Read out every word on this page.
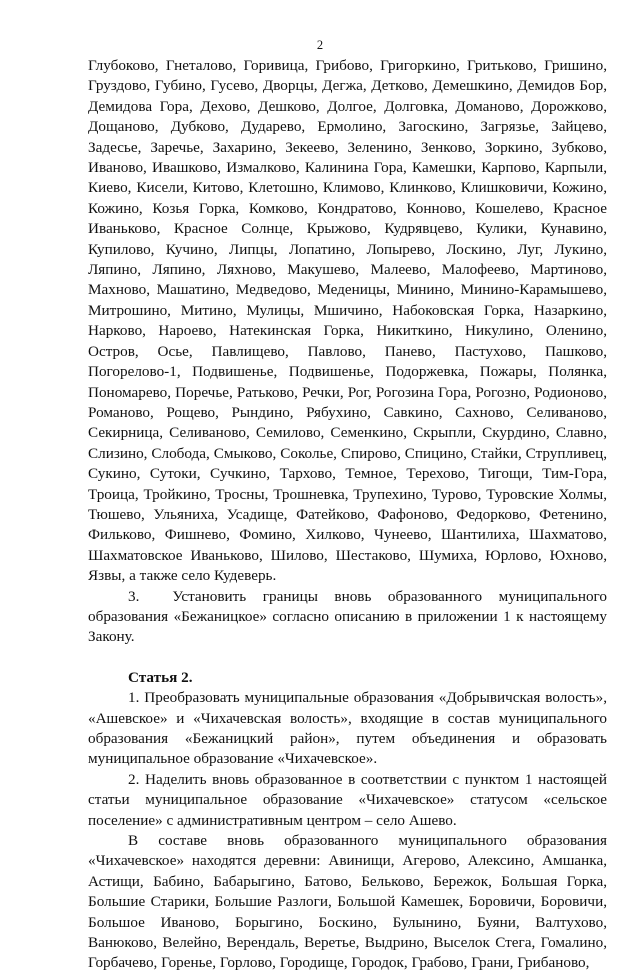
2

Глубоково, Гнеталово, Горивица, Грибово, Григоркино, Гритьково, Гришино, Груздово, Губино, Гусево, Дворцы, Дегжа, Детково, Демешкино, Демидов Бор, Демидова Гора, Дехово, Дешково, Долгое, Долговка, Доманово, Дорожково, Дощаново, Дубково, Дударево, Ермолино, Загоскино, Загрязье, Зайцево, Задесье, Заречье, Захарино, Зекеево, Зеленино, Зенково, Зоркино, Зубково, Иваново, Ивашково, Измалково, Калинина Гора, Камешки, Карпово, Карпыли, Киево, Кисели, Китово, Клетошно, Климово, Клинково, Клишковичи, Кожино, Кожино, Козья Горка, Комково, Кондратово, Конново, Кошелево, Красное Иваньково, Красное Солнце, Крыжово, Кудрявцево, Кулики, Кунавино, Купилово, Кучино, Липцы, Лопатино, Лопырево, Лоскино, Луг, Лукино, Ляпино, Ляпино, Ляхново, Макушево, Малеево, Малофеево, Мартиново, Махново, Машатино, Медведово, Меденицы, Минино, Минино-Карамышево, Митрошино, Митино, Мулицы, Мшичино, Набоковская Горка, Назаркино, Нарково, Нароево, Натекинская Горка, Никиткино, Никулино, Оленино, Остров, Осье, Павлищево, Павлово, Панево, Пастухово, Пашково, Погорелово-1, Подвишенье, Подвишенье, Подоржевка, Пожары, Полянка, Пономарево, Поречье, Ратьково, Речки, Рог, Рогозина Гора, Рогозно, Родионово, Романово, Рощево, Рындино, Рябухино, Савкино, Сахново, Селиваново, Секирница, Селиваново, Семилово, Семенкино, Скрыпли, Скурдино, Славно, Слизино, Слобода, Смыково, Соколье, Спирово, Спицино, Стайки, Струпливец, Сукино, Сутоки, Сучкино, Тархово, Темное, Терехово, Тигощи, Тим-Гора, Троица, Тройкино, Тросны, Трошневка, Трупехино, Турово, Туровские Холмы, Тюшево, Ульяниха, Усадище, Фатейково, Фафоново, Федорково, Фетенино, Фильково, Фишнево, Фомино, Хилково, Чунеево, Шантилиха, Шахматово, Шахматовское Иваньково, Шилово, Шестаково, Шумиха, Юрлово, Юхново, Язвы, а также село Кудеверь.

3.  Установить границы вновь образованного муниципального образования «Бежаницкое» согласно описанию в приложении 1 к настоящему Закону.

Статья 2.

1. Преобразовать муниципальные образования «Добрывичская волость», «Ашевское» и «Чихачевская волость», входящие в состав муниципального образования «Бежаницкий район», путем объединения и образовать муниципальное образование «Чихачевское».

2. Наделить вновь образованное в соответствии с пунктом 1 настоящей статьи муниципальное образование «Чихачевское» статусом «сельское поселение» с административным центром – село Ашево.

В составе вновь образованного муниципального образования «Чихачевское» находятся деревни: Авинищи, Агерово, Алексино, Амшанка, Астищи, Бабино, Бабарыгино, Батово, Бельково, Бережок, Большая Горка, Большие Старики, Большие Разлоги, Большой Камешек, Боровичи, Боровичи, Большое Иваново, Борыгино, Боскино, Булынино, Буяни, Валтухово, Ванюково, Велейно, Верендаль, Веретье, Выдрино, Выселок Стега, Гомалино, Горбачево, Горенье, Горлово, Городище, Городок, Грабово, Грани, Грибаново,
